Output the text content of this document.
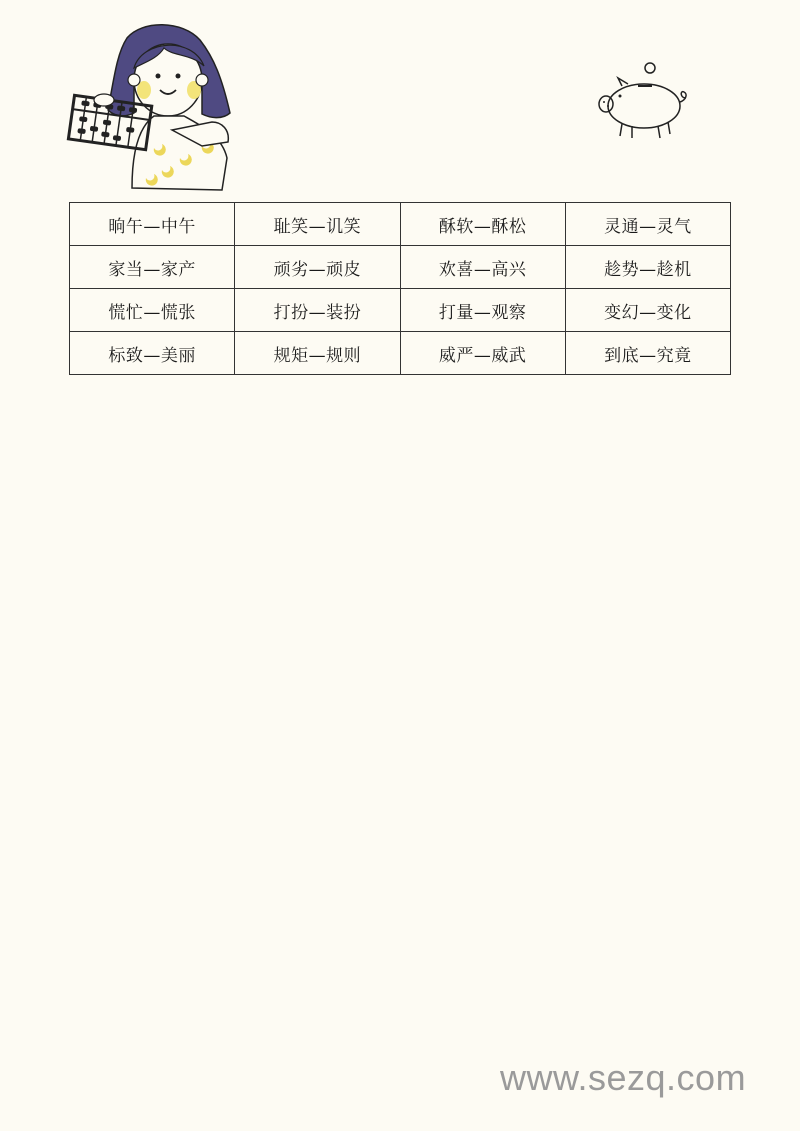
晌午—中午	耻笑—讥笑	酥软—酥松	灵通—灵气
家当—家产	顽劣—顽皮	欢喜—高兴	趁势—趁机
慌忙—慌张	打扮—装扮	打量—观察	变幻—变化
标致—美丽	规矩—规则	威严—威武	到底—究竟
www.sezq.com
